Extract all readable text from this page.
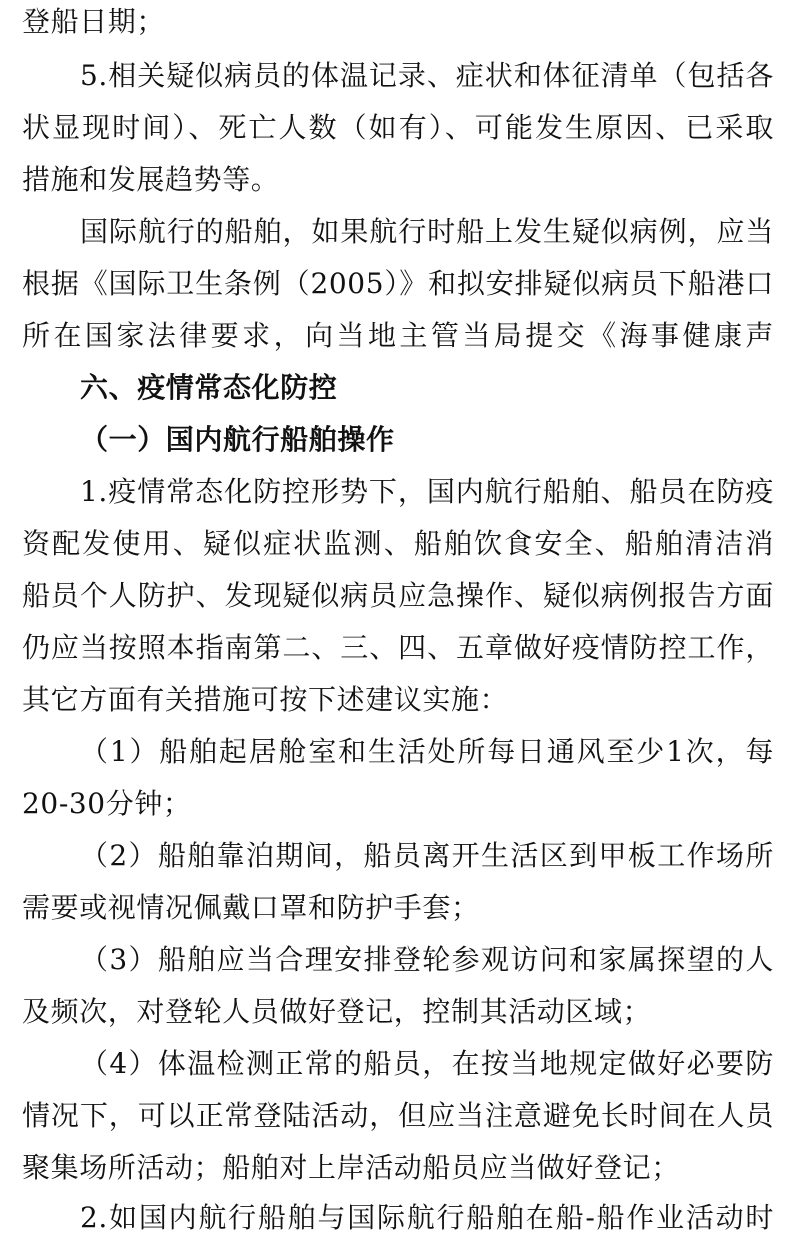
登船日期；
5.相关疑似病员的体温记录、症状和体征清单（包括各
状显现时间）、死亡人数（如有）、可能发生原因、已采取
措施和发展趋势等。
国际航行的船舶，如果航行时船上发生疑似病例，应当
根据《国际卫生条例（2005）》和拟安排疑似病员下船港口
所在国家法律要求，向当地主管当局提交《海事健康声
六、疫情常态化防控
（一）国内航行船舶操作
1.疫情常态化防控形势下，国内航行船舶、船员在防疫
资配发使用、疑似症状监测、船舶饮食安全、船舶清洁消
船员个人防护、发现疑似病员应急操作、疑似病例报告方面
仍应当按照本指南第二、三、四、五章做好疫情防控工作，
其它方面有关措施可按下述建议实施：
（1）船舶起居舱室和生活处所每日通风至少1次，每
20-30分钟；
（2）船舶靠泊期间，船员离开生活区到甲板工作场所
需要或视情况佩戴口罩和防护手套；
（3）船舶应当合理安排登轮参观访问和家属探望的人
及频次，对登轮人员做好登记，控制其活动区域；
（4）体温检测正常的船员，在按当地规定做好必要防
情况下，可以正常登陆活动，但应当注意避免长时间在人员
聚集场所活动；船舶对上岸活动船员应当做好登记；
2.如国内航行船舶与国际航行船舶在船-船作业活动时
